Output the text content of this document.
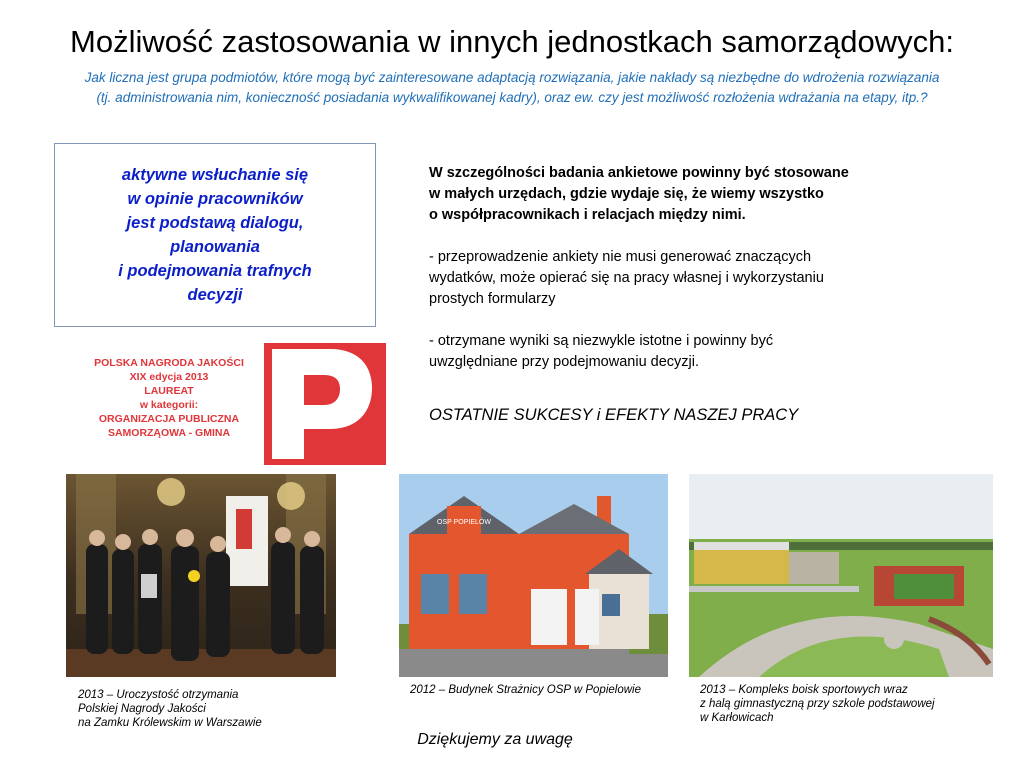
Możliwość zastosowania w innych jednostkach samorządowych:
Jak liczna jest grupa podmiotów, które mogą być zainteresowane adaptacją rozwiązania, jakie nakłady są niezbędne do wdrożenia rozwiązania
(tj. administrowania nim, konieczność posiadania wykwalifikowanej kadry), oraz ew. czy jest możliwość rozłożenia wdrażania na etapy, itp.?
aktywne wsłuchanie się
w opinie pracowników
jest podstawą dialogu,
planowania
i podejmowania trafnych
decyzji
POLSKA NAGRODA JAKOŚCI
XIX edycja 2013
LAUREAT
w kategorii:
ORGANIZACJA PUBLICZNA
SAMORZĄOWA - GMINA
W szczególności badania ankietowe powinny być stosowane
w małych urzędach, gdzie wydaje się, że wiemy wszystko
o współpracownikach i relacjach między nimi.
- przeprowadzenie ankiety nie musi generować znaczących
wydatków, może opierać się na pracy własnej i wykorzystaniu
prostych formularzy
- otrzymane wyniki są niezwykle istotne i powinny być
uwzględniane przy podejmowaniu decyzji.
OSTATNIE SUKCESY i EFEKTY NASZEJ PRACY
OSP POPIELÓW
2013 – Uroczystość otrzymania
Polskiej Nagrody Jakości
na Zamku Królewskim w Warszawie
2012 – Budynek Strażnicy OSP w Popielowie	2013 – Kompleks boisk sportowych wraz
z halą gimnastyczną przy szkole podstawowej
w Karłowicach
Dziękujemy za uwagę
